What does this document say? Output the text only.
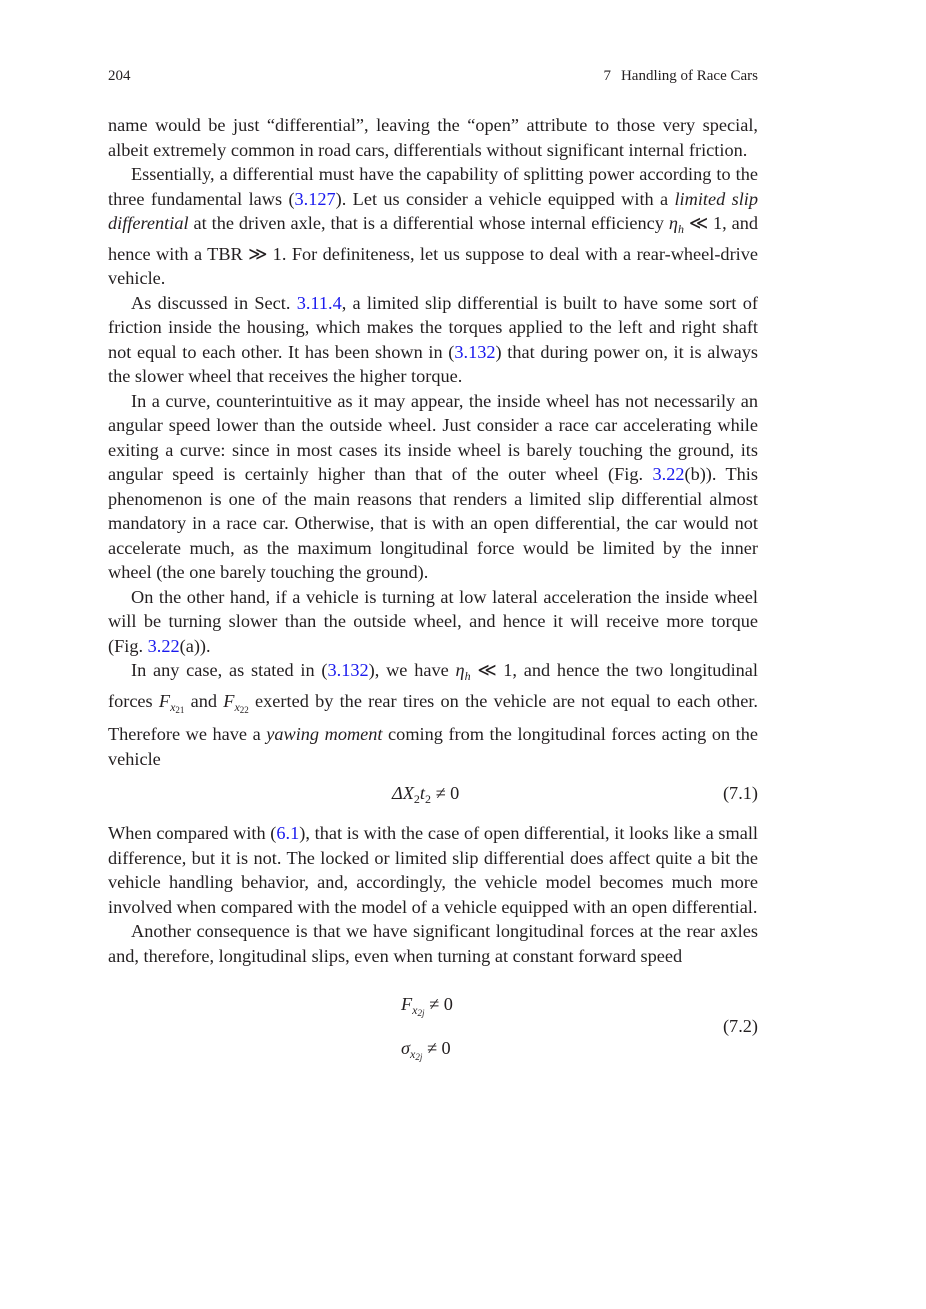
204	7 Handling of Race Cars

name would be just “differential”, leaving the “open” attribute to those very special, albeit extremely common in road cars, differentials without significant internal friction.

Essentially, a differential must have the capability of splitting power according to the three fundamental laws (3.127). Let us consider a vehicle equipped with a limited slip differential at the driven axle, that is a differential whose internal efficiency $\eta_h$ ≪ 1, and hence with a TBR ≫ 1. For definiteness, let us suppose to deal with a rear-wheel-drive vehicle.

As discussed in Sect. 3.11.4, a limited slip differential is built to have some sort of friction inside the housing, which makes the torques applied to the left and right shaft not equal to each other. It has been shown in (3.132) that during power on, it is always the slower wheel that receives the higher torque.

In a curve, counterintuitive as it may appear, the inside wheel has not necessarily an angular speed lower than the outside wheel. Just consider a race car accelerating while exiting a curve: since in most cases its inside wheel is barely touching the ground, its angular speed is certainly higher than that of the outer wheel (Fig. 3.22(b)). This phenomenon is one of the main reasons that renders a limited slip differential almost mandatory in a race car. Otherwise, that is with an open differential, the car would not accelerate much, as the maximum longitudinal force would be limited by the inner wheel (the one barely touching the ground).

On the other hand, if a vehicle is turning at low lateral acceleration the inside wheel will be turning slower than the outside wheel, and hence it will receive more torque (Fig. 3.22(a)).

In any case, as stated in (3.132), we have $\eta_h$ ≪ 1, and hence the two longitudinal forces $F_{x21}$ and $F_{x22}$ exerted by the rear tires on the vehicle are not equal to each other. Therefore we have a yawing moment coming from the longitudinal forces acting on the vehicle

$\Delta X_2t_2 \ne 0$	(7.1)

When compared with (6.1), that is with the case of open differential, it looks like a small difference, but it is not. The locked or limited slip differential does affect quite a bit the vehicle handling behavior, and, accordingly, the vehicle model becomes much more involved when compared with the model of a vehicle equipped with an open differential.

Another consequence is that we have significant longitudinal forces at the rear axles and, therefore, longitudinal slips, even when turning at constant forward speed

$F_{x2j} \ne 0$
$\sigma_{x2j} \ne 0$
(7.2)
